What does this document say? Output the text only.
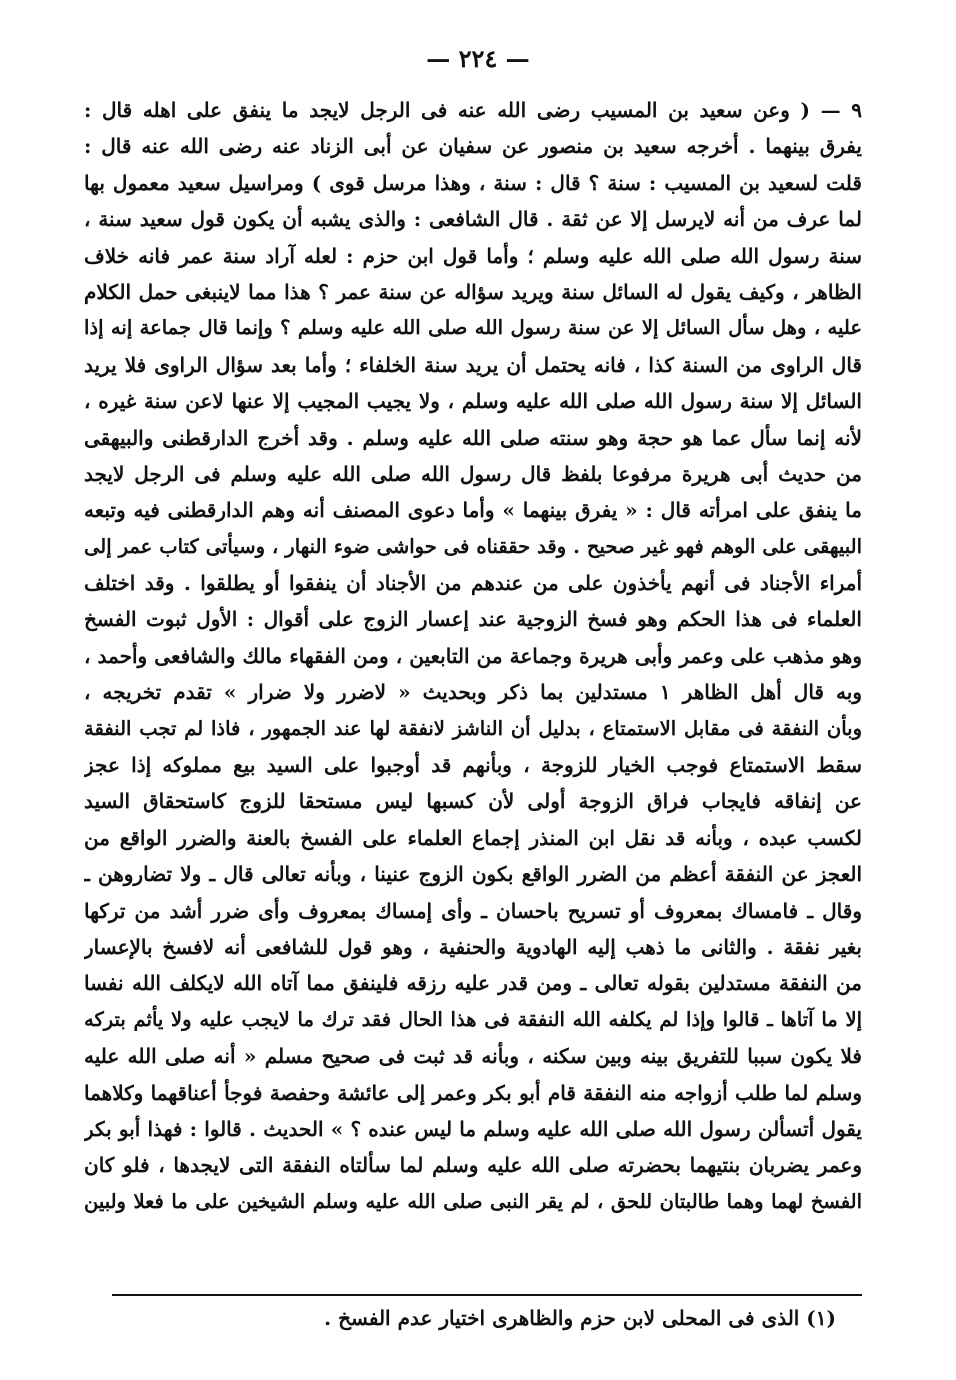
— ٢٢٤ —
٩ — ( وعن سعيد بن المسيب رضى الله عنه فى الرجل لايجد ما ينفق على اهله قال :
يفرق بينهما . أخرجه سعيد بن منصور عن سفيان عن أبى الزناد عنه رضى الله عنه قال :
قلت لسعيد بن المسيب : سنة ؟ قال : سنة ، وهذا مرسل قوى ) ومراسيل سعيد معمول بها
لما عرف من أنه لايرسل إلا عن ثقة . قال الشافعى : والذى يشبه أن يكون قول سعيد سنة ،
سنة رسول الله صلى الله عليه وسلم ؛ وأما قول ابن حزم : لعله آراد سنة عمر فانه خلاف
الظاهر ، وكيف يقول له السائل سنة ويريد سؤاله عن سنة عمر ؟ هذا مما لاينبغى حمل الكلام
عليه ، وهل سأل السائل إلا عن سنة رسول الله صلى الله عليه وسلم ؟ وإنما قال جماعة إنه إذا
قال الراوى من السنة كذا ، فانه يحتمل أن يريد سنة الخلفاء ؛ وأما بعد سؤال الراوى فلا يريد
السائل إلا سنة رسول الله صلى الله عليه وسلم ، ولا يجيب المجيب إلا عنها لاعن سنة غيره ،
لأنه إنما سأل عما هو حجة وهو سنته صلى الله عليه وسلم . وقد أخرج الدارقطنى والبيهقى
من حديث أبى هريرة مرفوعا بلفظ قال رسول الله صلى الله عليه وسلم فى الرجل لايجد
ما ينفق على امرأته قال : « يفرق بينهما » وأما دعوى المصنف أنه وهم الدارقطنى فيه وتبعه
البيهقى على الوهم فهو غير صحيح . وقد حققناه فى حواشى ضوء النهار ، وسيأتى كتاب عمر إلى
أمراء الأجناد فى أنهم يأخذون على من عندهم من الأجناد أن ينفقوا أو يطلقوا . وقد اختلف
العلماء فى هذا الحكم وهو فسخ الزوجية عند إعسار الزوج على أقوال : الأول ثبوت الفسخ
وهو مذهب على وعمر وأبى هريرة وجماعة من التابعين ، ومن الفقهاء مالك والشافعى وأحمد ،
وبه قال أهل الظاهر ١ مستدلين بما ذكر وبحديث « لاضرر ولا ضرار » تقدم تخريجه ،
وبأن النفقة فى مقابل الاستمتاع ، بدليل أن الناشز لانفقة لها عند الجمهور ، فاذا لم تجب النفقة
سقط الاستمتاع فوجب الخيار للزوجة ، وبأنهم قد أوجبوا على السيد بيع مملوكه إذا عجز
عن إنفاقه فايجاب فراق الزوجة أولى لأن كسبها ليس مستحقا للزوج كاستحقاق السيد
لكسب عبده ، وبأنه قد نقل ابن المنذر إجماع العلماء على الفسخ بالعنة والضرر الواقع من
العجز عن النفقة أعظم من الضرر الواقع بكون الزوج عنينا ، وبأنه تعالى قال ـ ولا تضاروهن ـ
وقال ـ فامساك بمعروف أو تسريح باحسان ـ وأى إمساك بمعروف وأى ضرر أشد من تركها
بغير نفقة . والثانى ما ذهب إليه الهادوية والحنفية ، وهو قول للشافعى أنه لافسخ بالإعسار
من النفقة مستدلين بقوله تعالى ـ ومن قدر عليه رزقه فلينفق مما آتاه الله لايكلف الله نفسا
إلا ما آتاها ـ قالوا وإذا لم يكلفه الله النفقة فى هذا الحال فقد ترك ما لايجب عليه ولا يأثم بتركه
فلا يكون سببا للتفريق بينه وبين سكنه ، وبأنه قد ثبت فى صحيح مسلم « أنه صلى الله عليه
وسلم لما طلب أزواجه منه النفقة قام أبو بكر وعمر إلى عائشة وحفصة فوجأ أعناقهما وكلاهما
يقول أتسألن رسول الله صلى الله عليه وسلم ما ليس عنده ؟ » الحديث . قالوا : فهذا أبو بكر
وعمر يضربان بنتيهما بحضرته صلى الله عليه وسلم لما سألتاه النفقة التى لايجدها ، فلو كان
الفسخ لهما وهما طالبتان للحق ، لم يقر النبى صلى الله عليه وسلم الشيخين على ما فعلا ولبين
(١) الذى فى المحلى لابن حزم والظاهرى اختيار عدم الفسخ .
